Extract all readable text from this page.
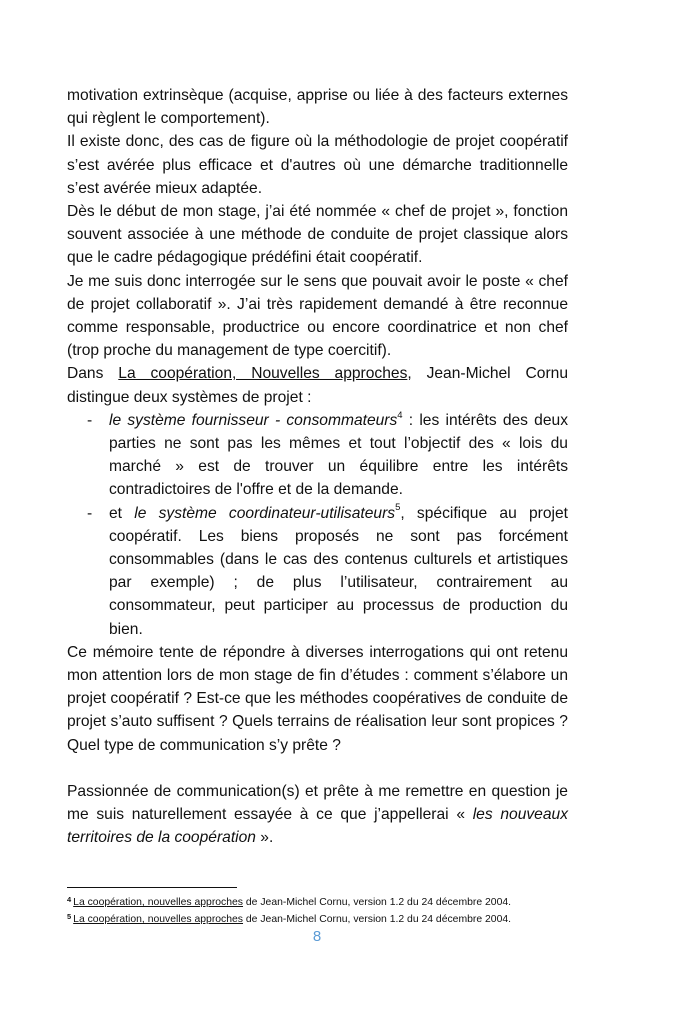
motivation extrinsèque (acquise, apprise ou liée à des facteurs externes qui règlent le comportement).

Il existe donc, des cas de figure où la méthodologie de projet coopératif s’est avérée plus efficace et d'autres où une démarche traditionnelle s’est avérée mieux adaptée.

Dès le début de mon stage, j’ai été nommée « chef de projet », fonction souvent associée à une méthode de conduite de projet classique alors que le cadre pédagogique prédéfini était coopératif.

Je me suis donc interrogée sur le sens que pouvait avoir le poste « chef de projet collaboratif ». J’ai très rapidement demandé à être reconnue comme responsable, productrice ou encore coordinatrice et non chef (trop proche du management de type coercitif).

Dans La coopération, Nouvelles approches, Jean-Michel Cornu distingue deux systèmes de projet :

- le système fournisseur - consommateurs$^4$ : les intérêts des deux parties ne sont pas les mêmes et tout l’objectif des « lois du marché » est de trouver un équilibre entre les intérêts contradictoires de l'offre et de la demande.
- et le système coordinateur-utilisateurs$^5$, spécifique au projet coopératif. Les biens proposés ne sont pas forcément consommables (dans le cas des contenus culturels et artistiques par exemple) ; de plus l’utilisateur, contrairement au consommateur, peut participer au processus de production du bien.

Ce mémoire tente de répondre à diverses interrogations qui ont retenu mon attention lors de mon stage de fin d’études : comment s’élabore un projet coopératif ? Est-ce que les méthodes coopératives de conduite de projet s’auto suffisent ? Quels terrains de réalisation leur sont propices ? Quel type de communication s’y prête ?

Passionnée de communication(s) et prête à me remettre en question je me suis naturellement essayée à ce que j’appellerai « les nouveaux territoires de la coopération ».

$^4$ La coopération, nouvelles approches de Jean-Michel Cornu, version 1.2 du 24 décembre 2004.

$^5$ La coopération, nouvelles approches de Jean-Michel Cornu, version 1.2 du 24 décembre 2004.

8
